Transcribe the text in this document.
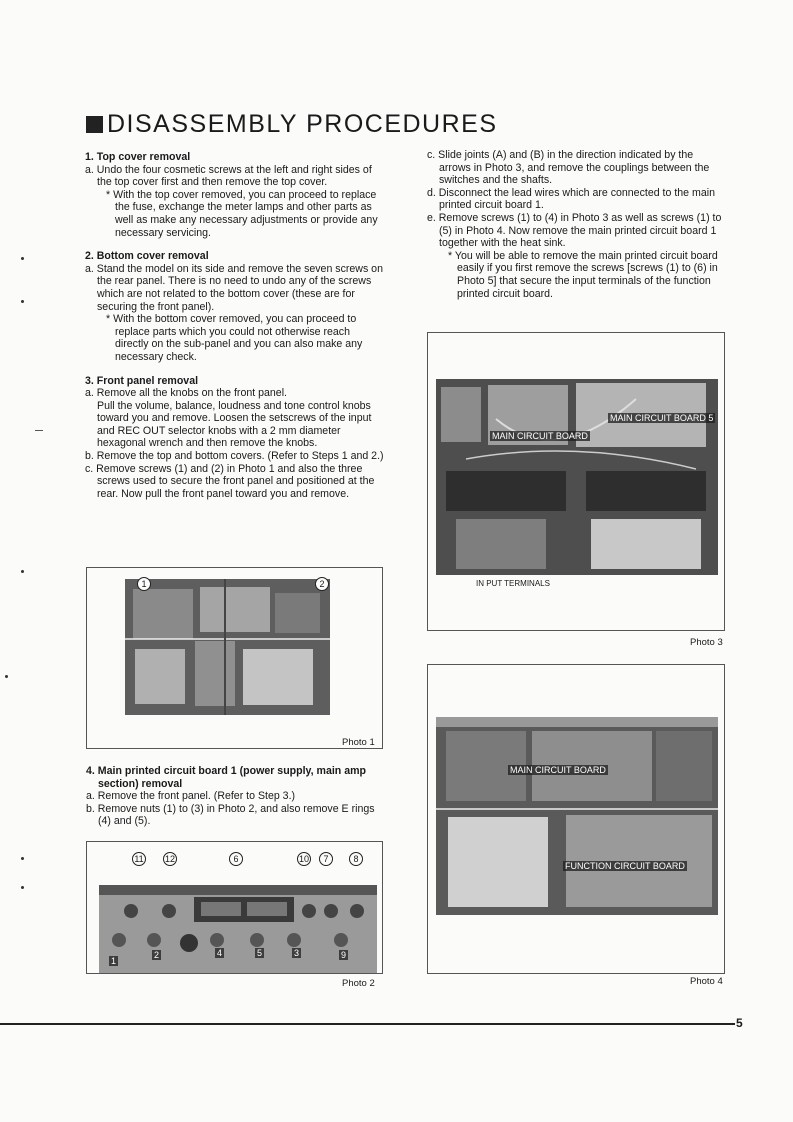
DISASSEMBLY PROCEDURES
1. Top cover removal
a. Undo the four cosmetic screws at the left and right sides of the top cover first and then remove the top cover.
* With the top cover removed, you can proceed to replace the fuse, exchange the meter lamps and other parts as well as make any necessary adjustments or provide any necessary servicing.
2. Bottom cover removal
a. Stand the model on its side and remove the seven screws on the rear panel. There is no need to undo any of the screws which are not related to the bottom cover (these are for securing the front panel).
* With the bottom cover removed, you can proceed to replace parts which you could not otherwise reach directly on the sub-panel and you can also make any necessary check.
3. Front panel removal
a. Remove all the knobs on the front panel.
Pull the volume, balance, loudness and tone control knobs toward you and remove. Loosen the setscrews of the input and REC OUT selector knobs with a 2 mm diameter hexagonal wrench and then remove the knobs.
b. Remove the top and bottom covers. (Refer to Steps 1 and 2.)
c. Remove screws (1) and (2) in Photo 1 and also the three screws used to secure the front panel and positioned at the rear. Now pull the front panel toward you and remove.
1	2
Photo 1
4. Main printed circuit board 1 (power supply, main amp section) removal
a. Remove the front panel. (Refer to Step 3.)
b. Remove nuts (1) to (3) in Photo 2, and also remove E rings (4) and (5).
11 12	6	10	7	8
1
2	4	5	3	9
Photo 2
c. Slide joints (A) and (B) in the direction indicated by the arrows in Photo 3, and remove the couplings between the switches and the shafts.
d. Disconnect the lead wires which are connected to the main printed circuit board 1.
e. Remove screws (1) to (4) in Photo 3 as well as screws (1) to (5) in Photo 4. Now remove the main printed circuit board 1 together with the heat sink.
* You will be able to remove the main printed circuit board easily if you first remove the screws [screws (1) to (6) in Photo 5] that secure the input terminals of the function printed circuit board.
MAIN CIRCUIT BOARD
MAIN CIRCUIT BOARD 5
IN PUT TERMINALS
Photo 3
MAIN CIRCUIT BOARD
FUNCTION CIRCUIT BOARD
Photo 4
5
